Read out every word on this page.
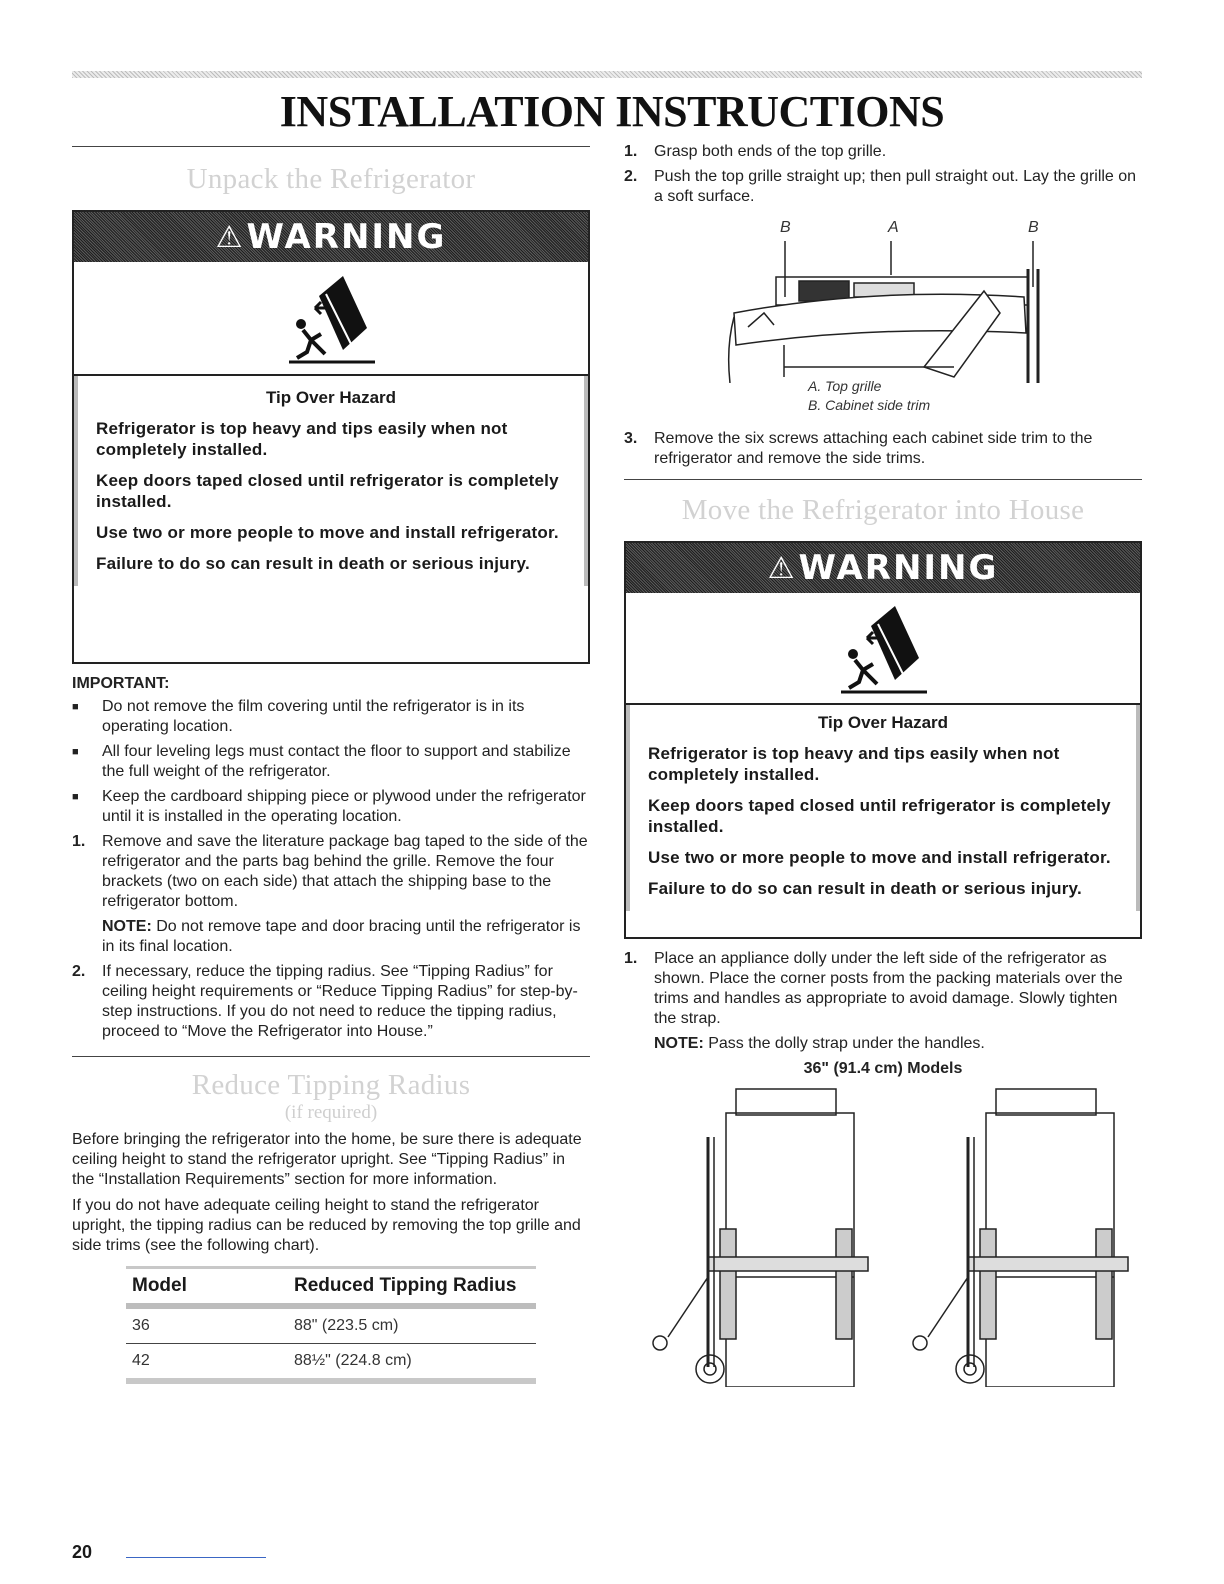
INSTALLATION INSTRUCTIONS
Unpack the Refrigerator
⚠ WARNING
Tip Over Hazard

Refrigerator is top heavy and tips easily when not completely installed.

Keep doors taped closed until refrigerator is completely installed.

Use two or more people to move and install refrigerator.

Failure to do so can result in death or serious injury.

IMPORTANT:
■	Do not remove the film covering until the refrigerator is in its operating location.
■	All four leveling legs must contact the floor to support and stabilize the full weight of the refrigerator.
■	Keep the cardboard shipping piece or plywood under the refrigerator until it is installed in the operating location.
1.	Remove and save the literature package bag taped to the side of the refrigerator and the parts bag behind the grille. Remove the four brackets (two on each side) that attach the shipping base to the refrigerator bottom.
NOTE: Do not remove tape and door bracing until the refrigerator is in its final location.
2.	If necessary, reduce the tipping radius. See “Tipping Radius” for ceiling height requirements or “Reduce Tipping Radius” for step-by-step instructions. If you do not need to reduce the tipping radius, proceed to “Move the Refrigerator into House.”
Reduce Tipping Radius
(if required)

Before bringing the refrigerator into the home, be sure there is adequate ceiling height to stand the refrigerator upright. See “Tipping Radius” in the “Installation Requirements” section for more information.

If you do not have adequate ceiling height to stand the refrigerator upright, the tipping radius can be reduced by removing the top grille and side trims (see the following chart).

Model	Reduced Tipping Radius
36	88" (223.5 cm)
42	88½" (224.8 cm)
1.	Grasp both ends of the top grille.
2.	Push the top grille straight up; then pull straight out. Lay the grille on a soft surface.
B	A	B
A. Top grille
B. Cabinet side trim
3.	Remove the six screws attaching each cabinet side trim to the refrigerator and remove the side trims.
Move the Refrigerator into House
⚠ WARNING
Tip Over Hazard

Refrigerator is top heavy and tips easily when not completely installed.

Keep doors taped closed until refrigerator is completely installed.

Use two or more people to move and install refrigerator.

Failure to do so can result in death or serious injury.

1.	Place an appliance dolly under the left side of the refrigerator as shown. Place the corner posts from the packing materials over the trims and handles as appropriate to avoid damage. Slowly tighten the strap.
NOTE: Pass the dolly strap under the handles.
36" (91.4 cm) Models
20
